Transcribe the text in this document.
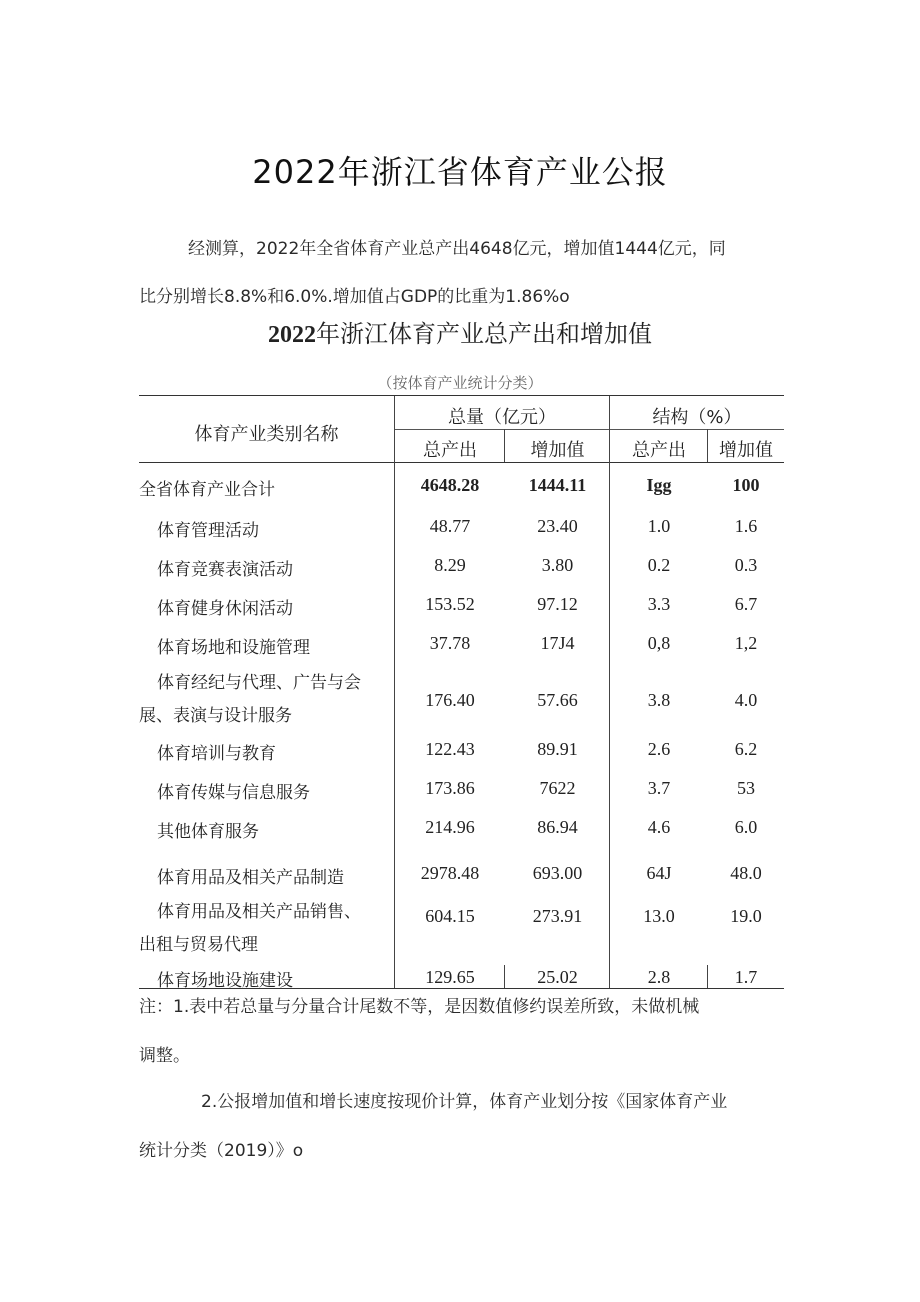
2022年浙江省体育产业公报
经测算，2022年全省体育产业总产出4648亿元，增加值1444亿元，同
比分别增长8.8%和6.0%.增加值占GDP的比重为1.86%o
2022年浙江体育产业总产出和增加值
（按体育产业统计分类）
体育产业类别名称
总量（亿元）	结构（%）
总产出	增加值	总产出	增加值
全省体育产业合计	4648.28	1444.11	Igg	100
体育管理活动	48.77	23.40	1.0	1.6
体育竞赛表演活动	8.29	3.80	0.2	0.3
体育健身休闲活动	153.52	97.12	3.3	6.7
体育场地和设施管理	37.78	17J4	0,8	1,2
体育经纪与代理、广告与会
展、表演与设计服务
176.40	57.66	3.8	4.0
体育培训与教育	122.43	89.91	2.6	6.2
体育传媒与信息服务	173.86	7622	3.7	53
其他体育服务	214.96	86.94	4.6	6.0
体育用品及相关产品制造	2978.48	693.00	64J	48.0
体育用品及相关产品销售、
出租与贸易代理
604.15	273.91	13.0	19.0
体育场地设施建设	129.65	25.02	2.8	1.7
注：1.表中若总量与分量合计尾数不等，是因数值修约误差所致，未做机械
调整。
2.公报增加值和增长速度按现价计算，体育产业划分按《国家体育产业
统计分类（2019）》o
